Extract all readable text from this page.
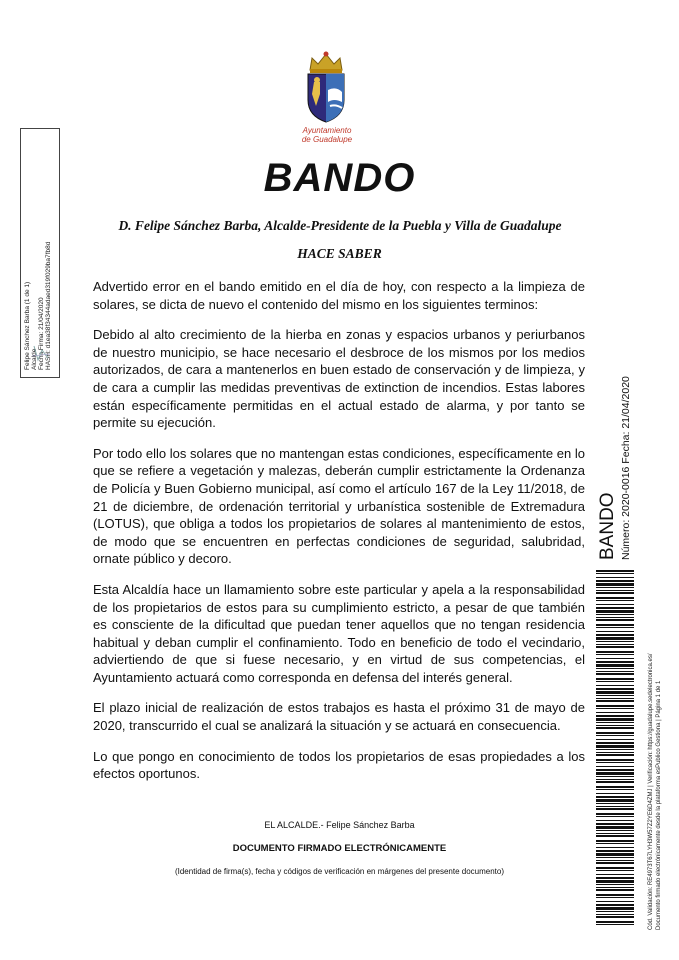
Ayuntamiento
de Guadalupe
BANDO
D. Felipe Sánchez Barba, Alcalde-Presidente de la Puebla y Villa de Guadalupe
HACE SABER

Advertido error en el bando emitido en el día de hoy, con respecto a la limpieza de solares, se dicta de nuevo el contenido del mismo en los siguientes terminos:

Debido al alto crecimiento de la hierba en zonas y espacios urbanos y periurbanos de nuestro municipio, se hace necesario el desbroce de los mismos por los medios autorizados, de cara a mantenerlos en buen estado de conservación y de limpieza, y de cara a cumplir las medidas preventivas de extinction de incendios. Estas labores están específicamente permitidas en el actual estado de alarma, y por tanto se permite su ejecución.

Por todo ello los solares que no mantengan estas condiciones, específicamente en lo que se refiere a vegetación y malezas, deberán cumplir estrictamente la Ordenanza de Policía y Buen Gobierno municipal, así como el artículo 167 de la Ley 11/2018, de 21 de diciembre, de ordenación territorial y urbanística sostenible de Extremadura (LOTUS), que obliga a todos los propietarios de solares al mantenimiento de estos, de modo que se encuentren en perfectas condiciones de seguridad, salubridad, ornate público y decoro.

Esta Alcaldía hace un llamamiento sobre este particular y apela a la responsabilidad de los propietarios de estos para su cumplimiento estricto, a pesar de que también es consciente de la dificultad que puedan tener aquellos que no tengan residencia habitual y deban cumplir el confinamiento. Todo en beneficio de todo el vecindario, adviertiendo de que si fuese necesario, y en virtud de sus competencias, el Ayuntamiento actuará como corresponda en defensa del interés general.

El plazo inicial de realización de estos trabajos es hasta el próximo 31 de mayo de 2020, transcurrido el cual se analizará la situación y se actuará en consecuencia.

Lo que pongo en conocimiento de todos los propietarios de esas propiedades a los efectos oportunos.

EL ALCALDE.- Felipe Sánchez Barba
DOCUMENTO FIRMADO ELECTRÓNICAMENTE
(Identidad de firma(s), fecha y códigos de verificación en márgenes del presente documento)
Felipe Sánchez Barba (1 de 1) Alcalde Fecha Firma: 21/04/2020 HASH: d1ea38f34344adaed319f029ba7fb8d
BANDO Número: 2020-0016 Fecha: 21/04/2020
Cód. Validación: RE4973T67LYH3W57Z2YE6D4ZMJ | Verificación: https://guadalupe.sedelectronica.es/ Documento firmado electrónicamente desde la plataforma esPublico Gestiona | Página 1 de 1
